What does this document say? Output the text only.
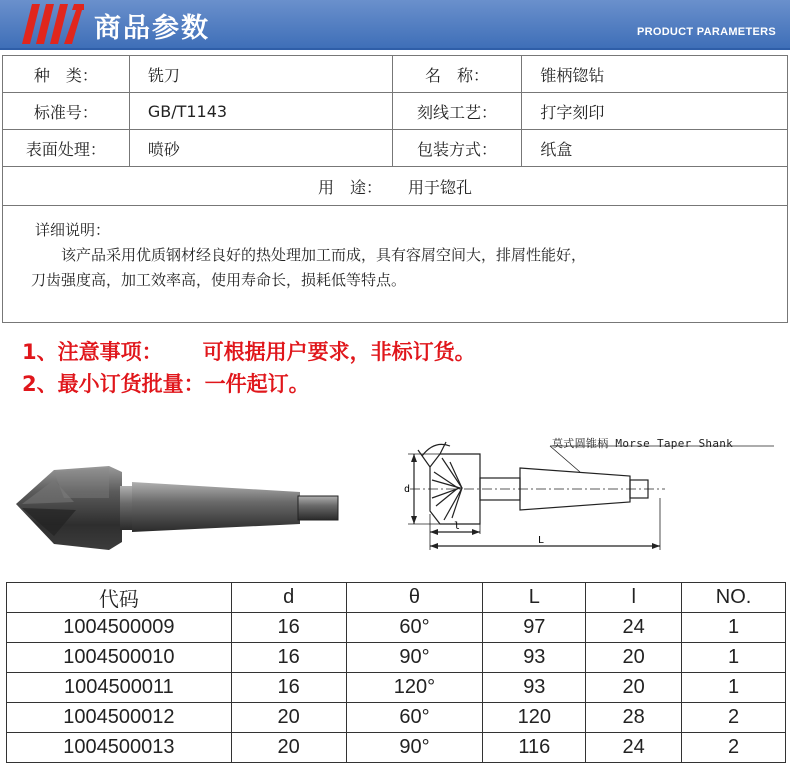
商品参数	PRODUCT PARAMETERS
种　类：	铣刀	名　称：	锥柄锪钻
标准号：	GB/T1143	刻线工艺：	打字刻印
表面处理：	喷砂	包装方式：	纸盒
用　途： 用于锪孔			

详细说明：
该产品采用优质钢材经良好的热处理加工而成，具有容屑空间大，排屑性能好，
刀齿强度高，加工效率高，使用寿命长，损耗低等特点。			
1、注意事项： 可根据用户要求，非标订货。
2、最小订货批量：一件起订。
d
l
L
莫式圆锥柄 Morse Taper Shank
代码	d	θ	L	l	NO.
1004500009	16	60°	97	24	1
1004500010	16	90°	93	20	1
1004500011	16	120°	93	20	1
1004500012	20	60°	120	28	2
1004500013	20	90°	116	24	2
